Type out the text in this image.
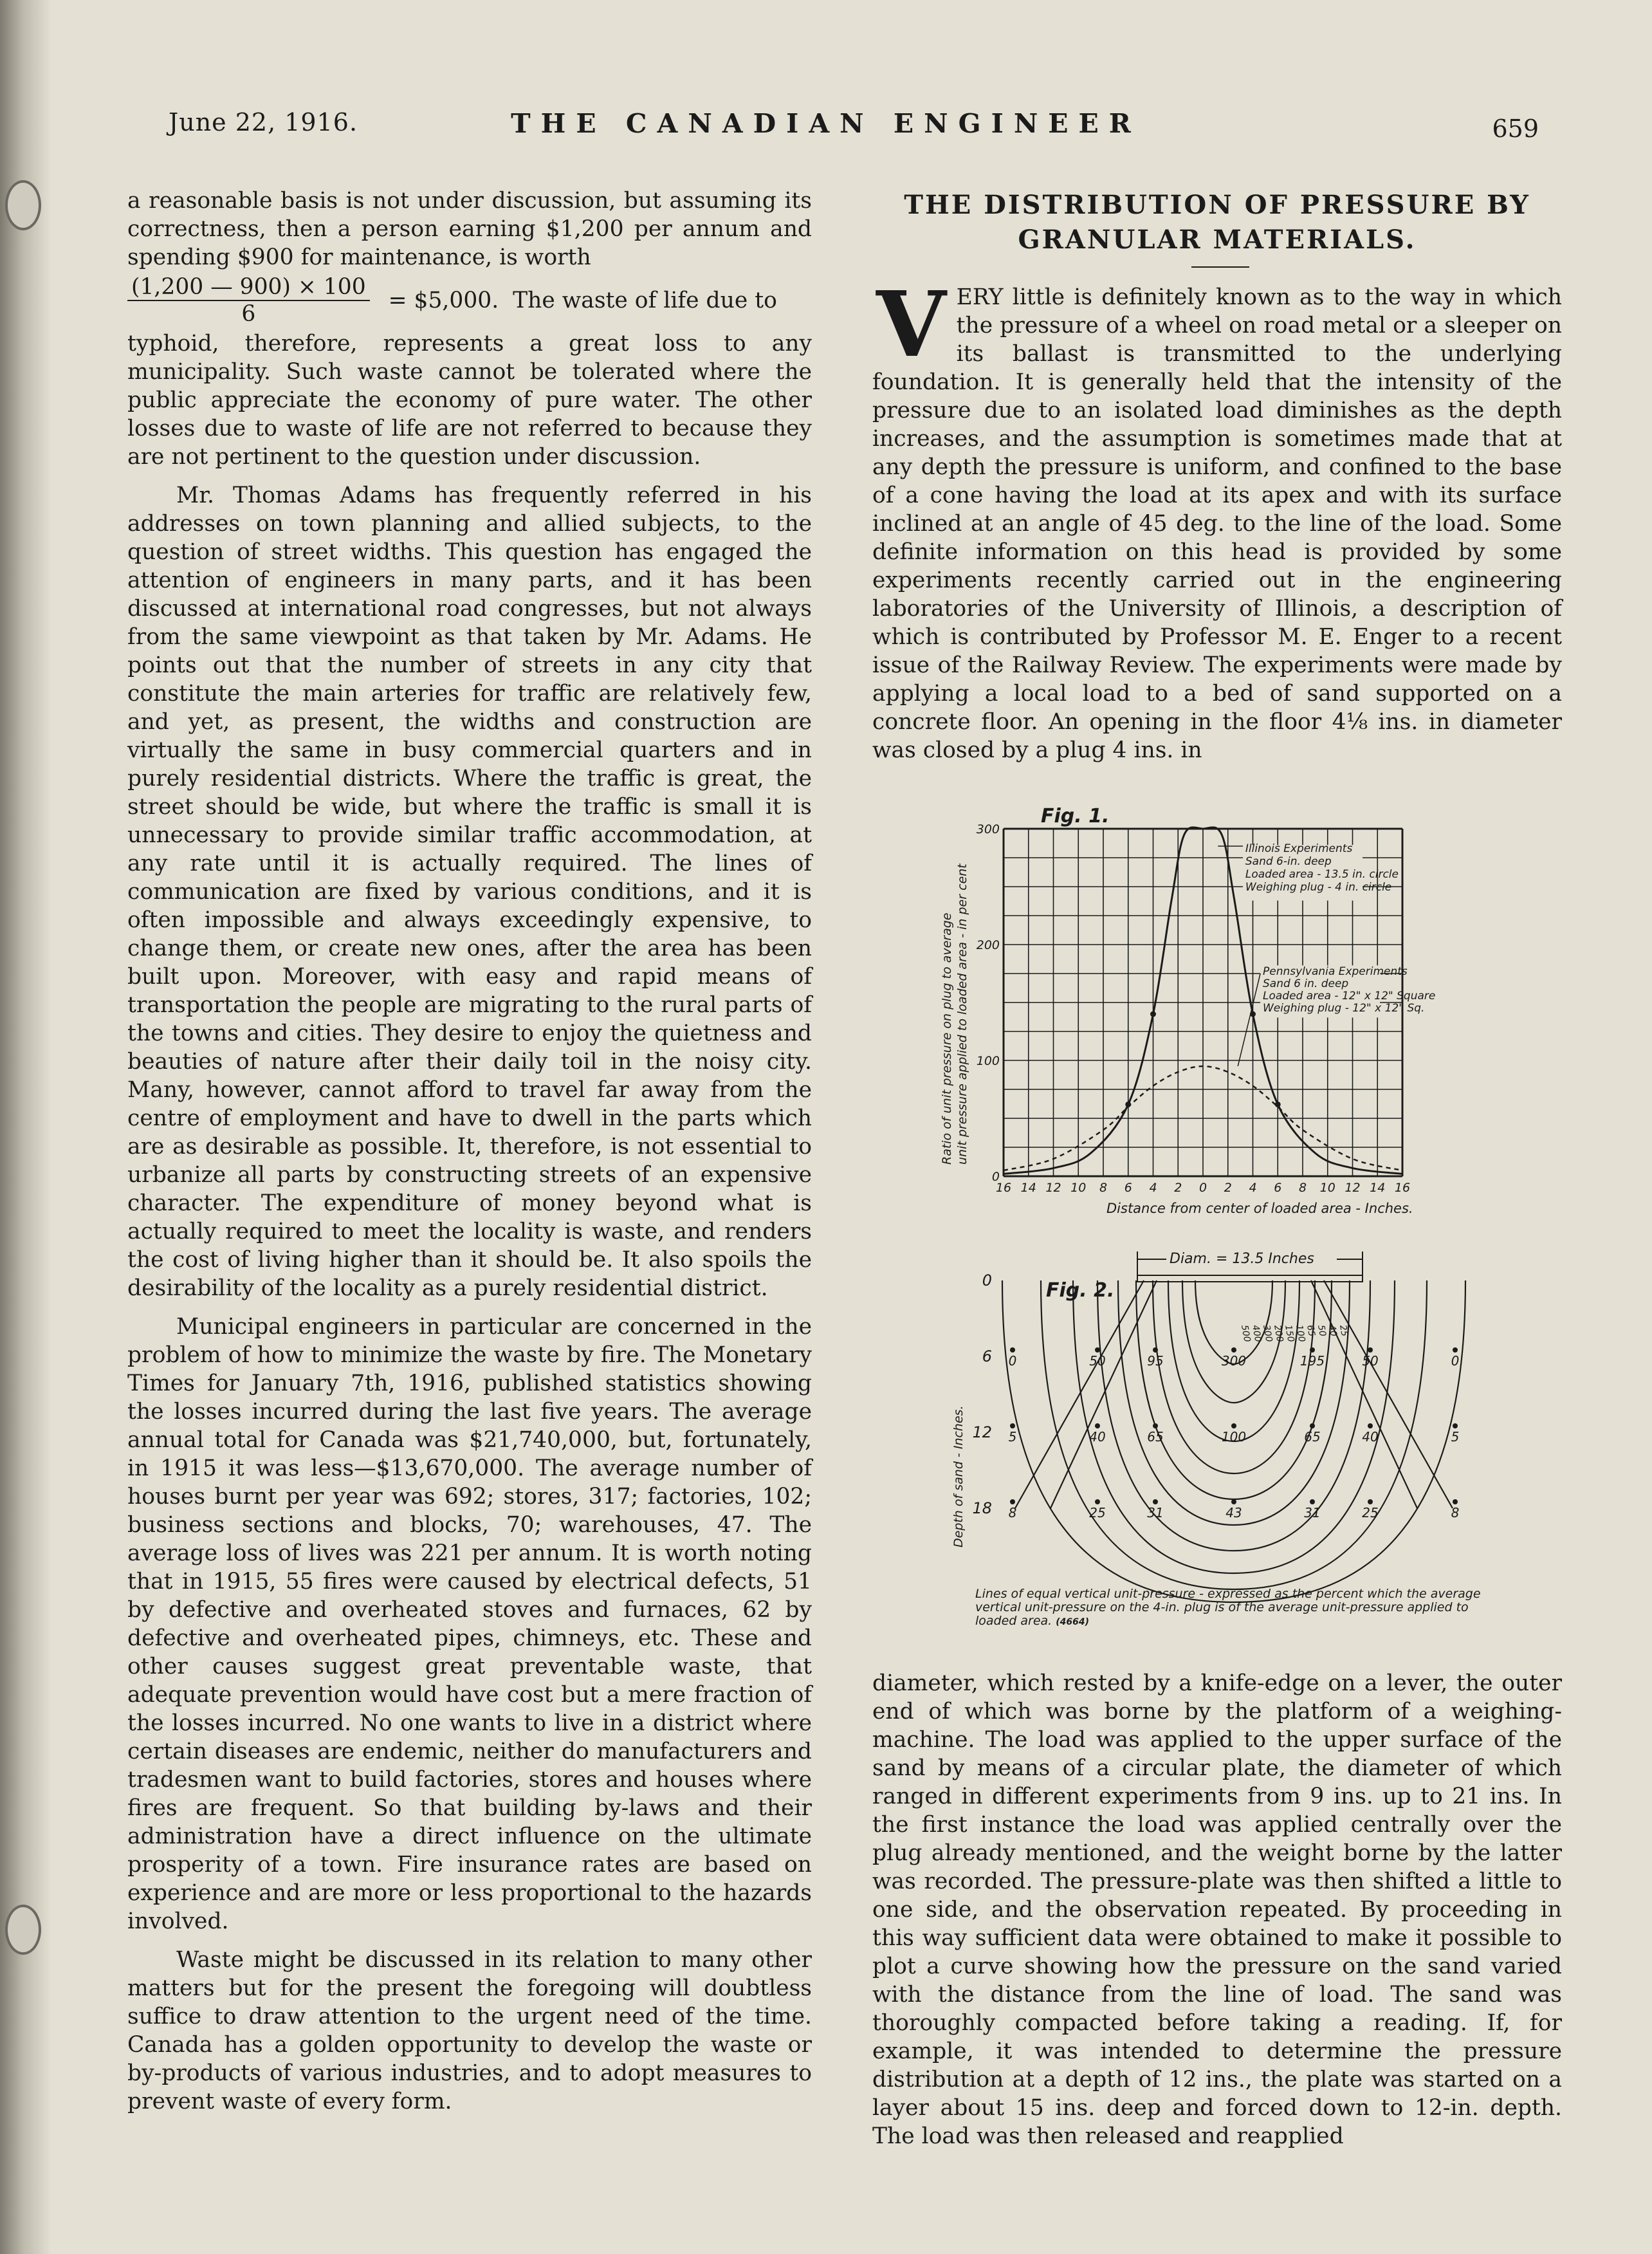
June 22, 1916.	THE CANADIAN ENGINEER	659

a reasonable basis is not under discussion, but assuming its correctness, then a person earning $1,200 per annum and spending $900 for maintenance, is worth

$\frac{(1,200 — 900) \times 100}{6}$ = $5,000.  The waste of life due to

typhoid, therefore, represents a great loss to any municipality. Such waste cannot be tolerated where the public appreciate the economy of pure water. The other losses due to waste of life are not referred to because they are not pertinent to the question under discussion.

Mr. Thomas Adams has frequently referred in his addresses on town planning and allied subjects, to the question of street widths. This question has engaged the attention of engineers in many parts, and it has been discussed at international road congresses, but not always from the same viewpoint as that taken by Mr. Adams. He points out that the number of streets in any city that constitute the main arteries for traffic are relatively few, and yet, as present, the widths and construction are virtually the same in busy commercial quarters and in purely residential districts. Where the traffic is great, the street should be wide, but where the traffic is small it is unnecessary to provide similar traffic accommodation, at any rate until it is actually required. The lines of communication are fixed by various conditions, and it is often impossible and always exceedingly expensive, to change them, or create new ones, after the area has been built upon. Moreover, with easy and rapid means of transportation the people are migrating to the rural parts of the towns and cities. They desire to enjoy the quietness and beauties of nature after their daily toil in the noisy city. Many, however, cannot afford to travel far away from the centre of employment and have to dwell in the parts which are as desirable as possible. It, therefore, is not essential to urbanize all parts by constructing streets of an expensive character. The expenditure of money beyond what is actually required to meet the locality is waste, and renders the cost of living higher than it should be. It also spoils the desirability of the locality as a purely residential district.

Municipal engineers in particular are concerned in the problem of how to minimize the waste by fire. The Monetary Times for January 7th, 1916, published statistics showing the losses incurred during the last five years. The average annual total for Canada was $21,740,000, but, fortunately, in 1915 it was less—$13,670,000. The average number of houses burnt per year was 692; stores, 317; factories, 102; business sections and blocks, 70; warehouses, 47. The average loss of lives was 221 per annum. It is worth noting that in 1915, 55 fires were caused by electrical defects, 51 by defective and overheated stoves and furnaces, 62 by defective and overheated pipes, chimneys, etc. These and other causes suggest great preventable waste, that adequate prevention would have cost but a mere fraction of the losses incurred. No one wants to live in a district where certain diseases are endemic, neither do manufacturers and tradesmen want to build factories, stores and houses where fires are frequent. So that building by-laws and their administration have a direct influence on the ultimate prosperity of a town. Fire insurance rates are based on experience and are more or less proportional to the hazards involved.

Waste might be discussed in its relation to many other matters but for the present the foregoing will doubtless suffice to draw attention to the urgent need of the time. Canada has a golden opportunity to develop the waste or by-products of various industries, and to adopt measures to prevent waste of every form.

THE DISTRIBUTION OF PRESSURE BY GRANULAR MATERIALS.
V ERY little is definitely known as to the way in which the pressure of a wheel on road metal or a sleeper on its ballast is transmitted to the underlying foundation. It is generally held that the intensity of the pressure due to an isolated load diminishes as the depth increases, and the assumption is sometimes made that at any depth the pressure is uniform, and confined to the base of a cone having the load at its apex and with its surface inclined at an angle of 45 deg. to the line of the load. Some definite information on this head is provided by some experiments recently carried out in the engineering laboratories of the University of Illinois, a description of which is contributed by Professor M. E. Enger to a recent issue of the Railway Review. The experiments were made by applying a local load to a bed of sand supported on a concrete floor. An opening in the floor 4⅛ ins. in diameter was closed by a plug 4 ins. in

Fig. 1.
Distance from center of loaded area - Inches.
16 14 12 10 8 6 4 2 0 2 4 6 8 10 12 14 16
0
100
200
300
Illinois Experiments
Sand 6-in. deep
Loaded area - 13.5 in. circle
Weighing plug - 4 in. circle
Pennsylvania Experiments
Sand 6 in. deep
Loaded area - 12" x 12" Square
Weighing plug - 12" x 12" Sq.
Ratio of unit pressure on plug to average unit pressure applied to loaded area - in per cent
Fig. 2.
Diam. = 13.5 Inches
0
6
12
18
0	50	95	300	195	50	0
5	40	65	100	65	40	5
8	25	31	43	31	25	8
500
400
300
200
150
100
65
50
40
25
Depth of sand - Inches.
Lines of equal vertical unit-pressure - expressed as the percent which the average vertical unit-pressure on the 4-in. plug is of the average unit-pressure applied to loaded area. (4664)

diameter, which rested by a knife-edge on a lever, the outer end of which was borne by the platform of a weighing-machine. The load was applied to the upper surface of the sand by means of a circular plate, the diameter of which ranged in different experiments from 9 ins. up to 21 ins. In the first instance the load was applied centrally over the plug already mentioned, and the weight borne by the latter was recorded. The pressure-plate was then shifted a little to one side, and the observation repeated. By proceeding in this way sufficient data were obtained to make it possible to plot a curve showing how the pressure on the sand varied with the distance from the line of load. The sand was thoroughly compacted before taking a reading. If, for example, it was intended to determine the pressure distribution at a depth of 12 ins., the plate was started on a layer about 15 ins. deep and forced down to 12-in. depth. The load was then released and reapplied
